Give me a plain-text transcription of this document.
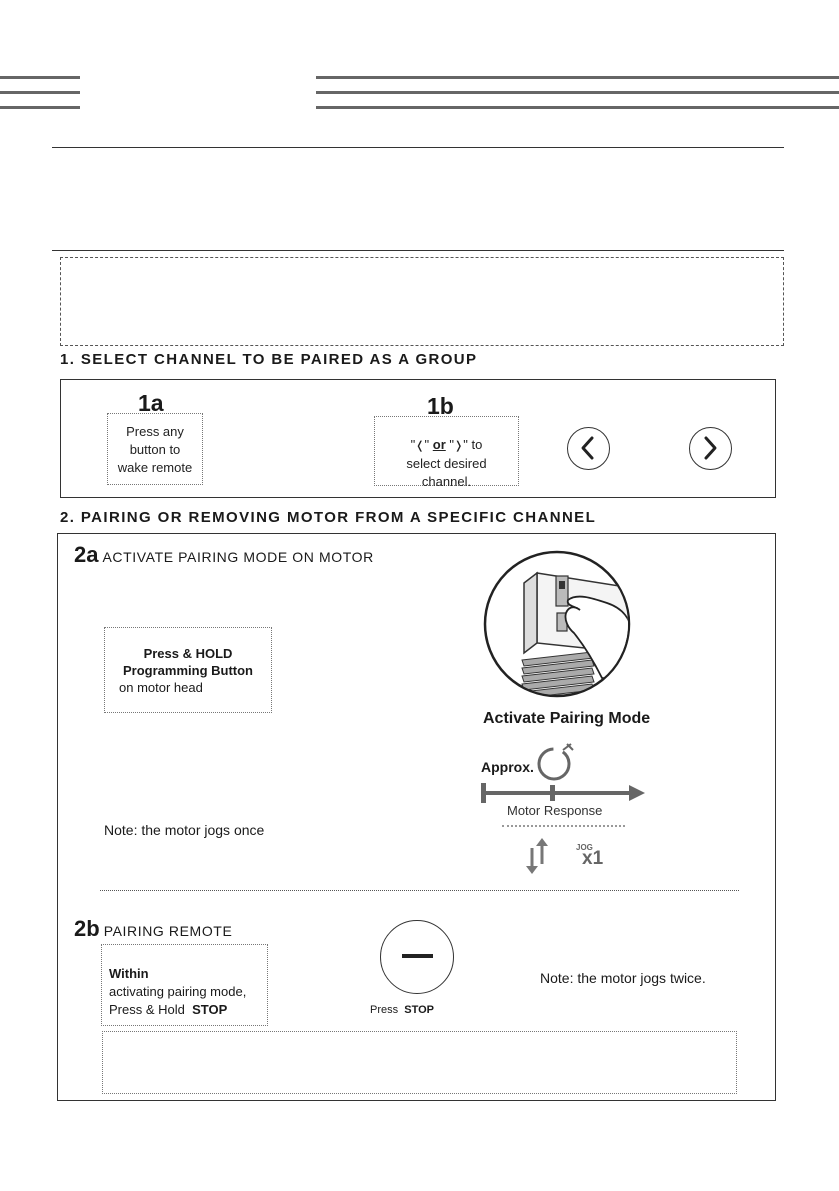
1. SELECT CHANNEL TO BE PAIRED AS A GROUP
1a
Press any
button to
wake remote
1b
"❬" or "❭" to
select desired
channel.
2. PAIRING OR REMOVING MOTOR FROM A SPECIFIC CHANNEL
2a ACTIVATE PAIRING MODE ON MOTOR
Press & HOLD
Programming Button
on motor head
Activate Pairing Mode
Approx.
Motor Response
Note: the motor jogs once
JOG
x1
2b PAIRING REMOTE
Within
activating pairing mode,
Press & Hold STOP	Press STOP
Note: the motor jogs twice.
